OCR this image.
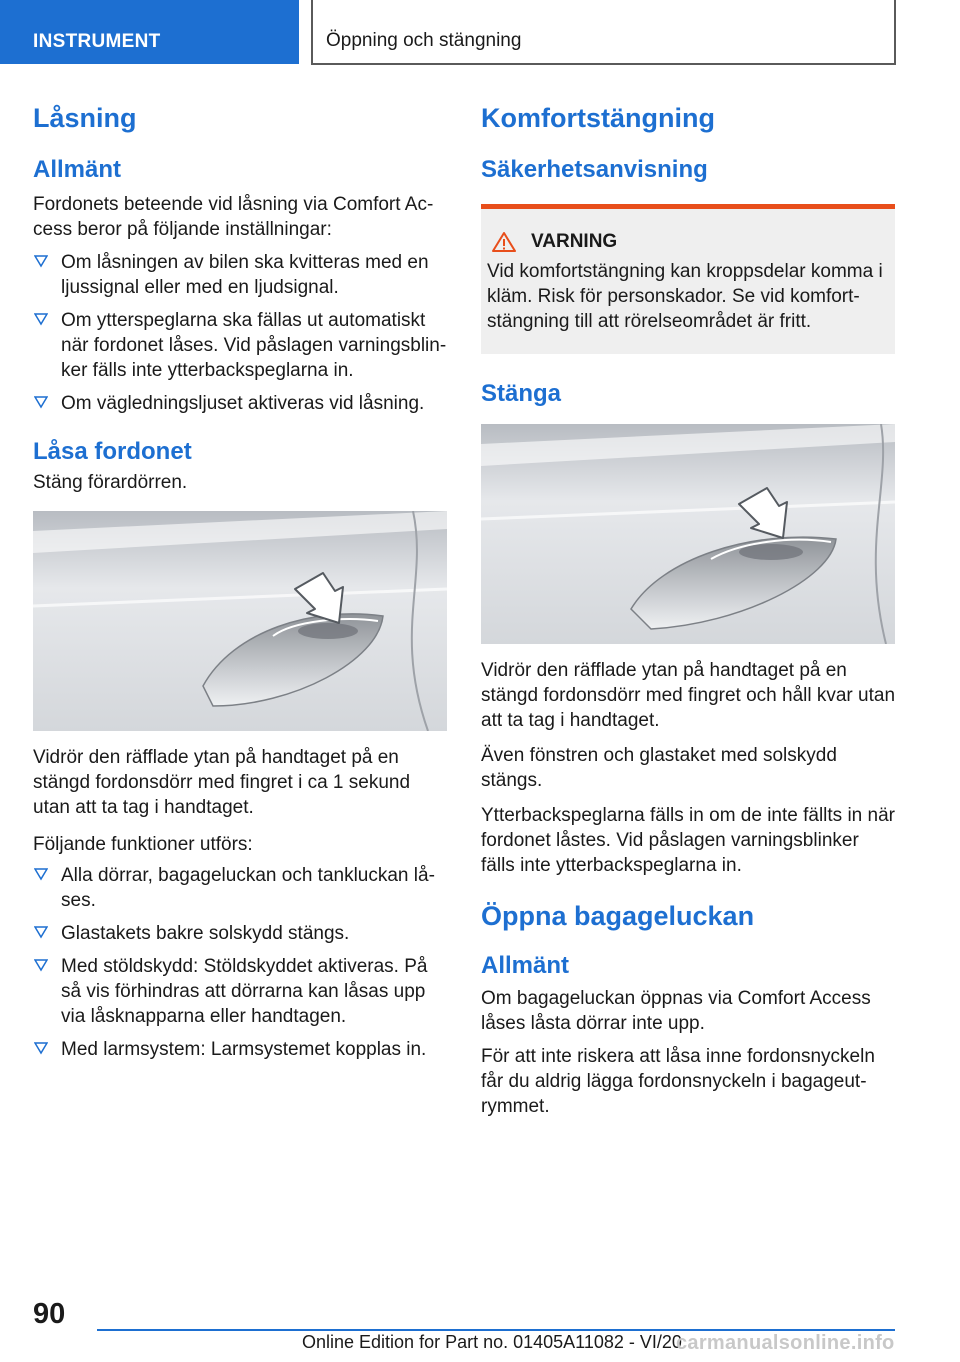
INSTRUMENT	Öppning och stängning
Låsning
Allmänt

Fordonets beteende vid låsning via Comfort Ac‐ cess beror på följande inställningar:

Om låsningen av bilen ska kvitteras med en ljussignal eller med en ljudsignal.
Om ytterspeglarna ska fällas ut automatiskt när fordonet låses. Vid påslagen varningsblin‐ ker fälls inte ytterbackspeglarna in.
Om vägledningsljuset aktiveras vid låsning.
Låsa fordonet

Stäng förardörren.

Vidrör den räfflade ytan på handtaget på en stängd fordonsdörr med fingret i ca 1 sekund utan att ta tag i handtaget.

Följande funktioner utförs:

Alla dörrar, bagageluckan och tankluckan lå‐ ses.
Glastakets bakre solskydd stängs.
Med stöldskydd: Stöldskyddet aktiveras. På så vis förhindras att dörrarna kan låsas upp via låsknapparna eller handtagen.
Med larmsystem: Larmsystemet kopplas in.
Komfortstängning
Säkerhetsanvisning
VARNING

Vid komfortstängning kan kroppsdelar komma i kläm. Risk för personskador. Se vid komfort‐ stängning till att rörelseområdet är fritt.

Stänga

Vidrör den räfflade ytan på handtaget på en stängd fordonsdörr med fingret och håll kvar utan att ta tag i handtaget.

Även fönstren och glastaket med solskydd stängs.

Ytterbackspeglarna fälls in om de inte fällts in när fordonet låstes. Vid påslagen varningsblinker fälls inte ytterbackspeglarna in.

Öppna bagageluckan
Allmänt

Om bagageluckan öppnas via Comfort Access låses låsta dörrar inte upp.

För att inte riskera att låsa inne fordonsnyckeln får du aldrig lägga fordonsnyckeln i bagageut‐ rymmet.

90
Online Edition for Part no. 01405A11082 - VI/20
carmanualsonline.info
